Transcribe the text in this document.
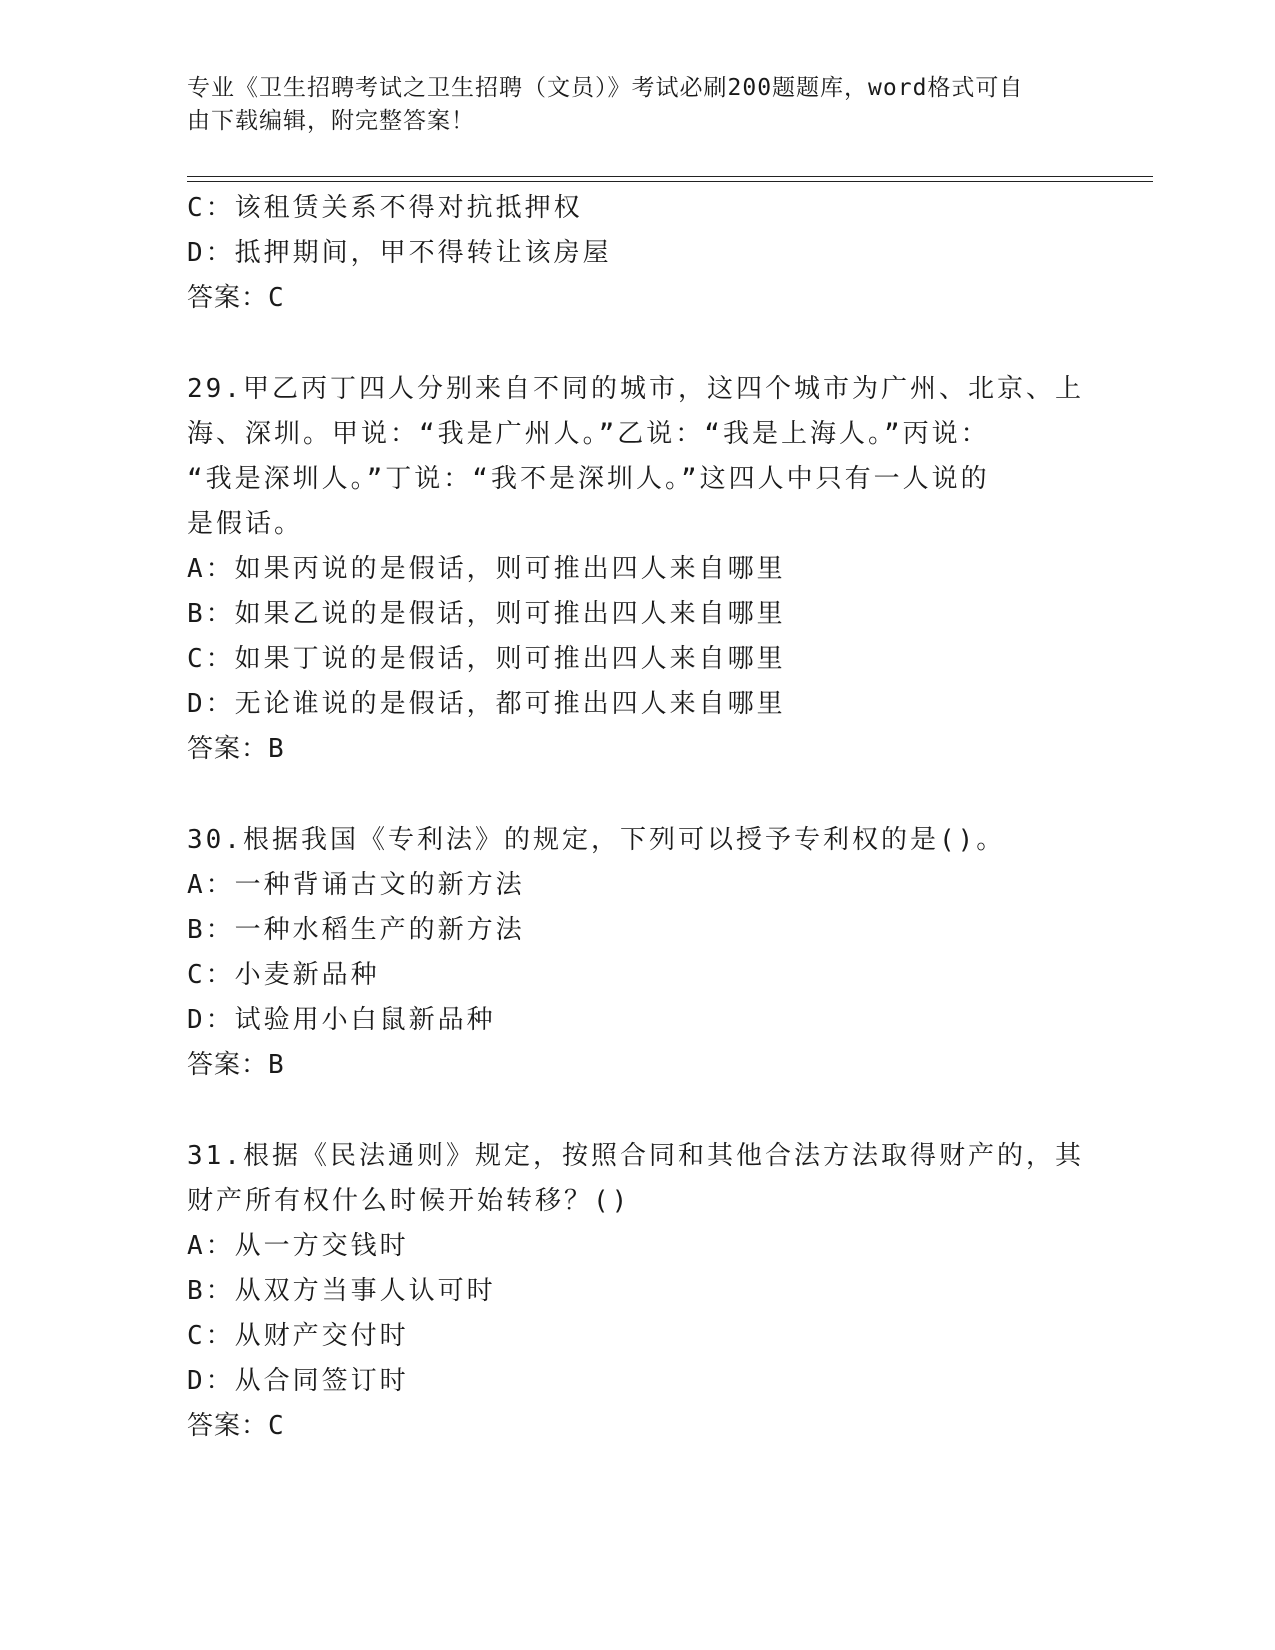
专业《卫生招聘考试之卫生招聘（文员）》考试必刷200题题库，word格式可自
由下载编辑，附完整答案！
C：该租赁关系不得对抗抵押权
D：抵押期间，甲不得转让该房屋
答案：C
29.甲乙丙丁四人分别来自不同的城市，这四个城市为广州、北京、上
海、深圳。甲说：“我是广州人。”乙说：“我是上海人。”丙说：
“我是深圳人。”丁说：“我不是深圳人。”这四人中只有一人说的
是假话。
A：如果丙说的是假话，则可推出四人来自哪里
B：如果乙说的是假话，则可推出四人来自哪里
C：如果丁说的是假话，则可推出四人来自哪里
D：无论谁说的是假话，都可推出四人来自哪里
答案：B
30.根据我国《专利法》的规定，下列可以授予专利权的是()。
A：一种背诵古文的新方法
B：一种水稻生产的新方法
C：小麦新品种
D：试验用小白鼠新品种
答案：B
31.根据《民法通则》规定，按照合同和其他合法方法取得财产的，其
财产所有权什么时候开始转移？()
A：从一方交钱时
B：从双方当事人认可时
C：从财产交付时
D：从合同签订时
答案：C
